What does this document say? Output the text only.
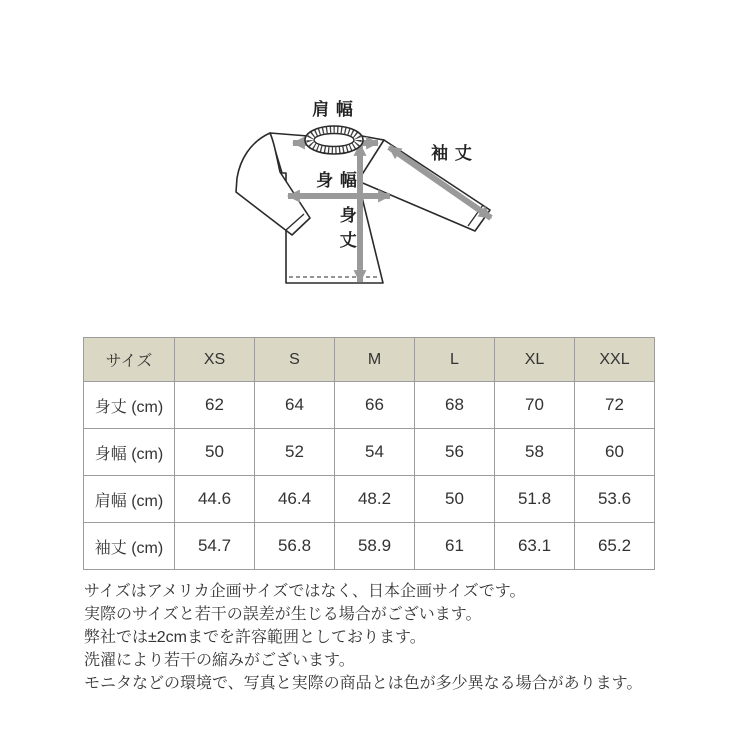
肩 幅
袖 丈
身 幅
身丈
サイズ	XS	S	M	L	XL	XXL
身丈 (cm)	62	64	66	68	70	72
身幅 (cm)	50	52	54	56	58	60
肩幅 (cm)	44.6	46.4	48.2	50	51.8	53.6
袖丈 (cm)	54.7	56.8	58.9	61	63.1	65.2
サイズはアメリカ企画サイズではなく、日本企画サイズです。
実際のサイズと若干の誤差が生じる場合がございます。
弊社では±2cmまでを許容範囲としております。
洗濯により若干の縮みがございます。
モニタなどの環境で、写真と実際の商品とは色が多少異なる場合があります。
